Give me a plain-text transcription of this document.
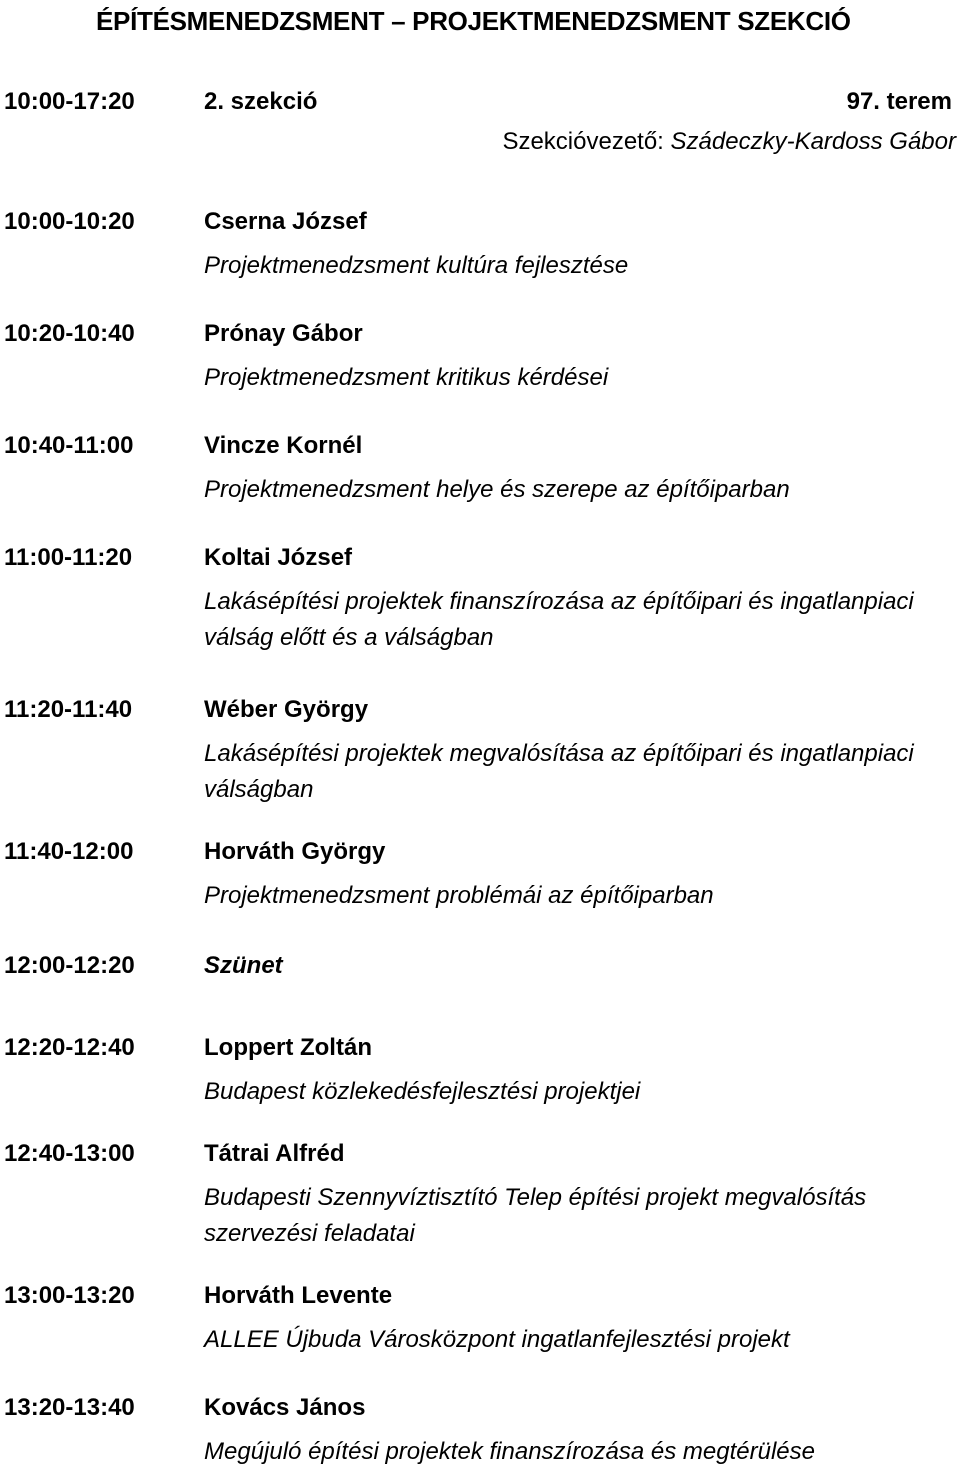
ÉPÍTÉSMENEDZSMENT – PROJEKTMENEDZSMENT SZEKCIÓ
10:00-17:20	2. szekció	97. terem
Szekcióvezető: Szádeczky-Kardoss Gábor
10:00-10:20	Cserna József
Projektmenedzsment kultúra fejlesztése
10:20-10:40	Prónay Gábor
Projektmenedzsment kritikus kérdései
10:40-11:00	Vincze Kornél
Projektmenedzsment helye és szerepe az építőiparban
11:00-11:20	Koltai József
Lakásépítési projektek finanszírozása az építőipari és ingatlanpiaci válság előtt és a válságban
11:20-11:40	Wéber György
Lakásépítési projektek megvalósítása az építőipari és ingatlanpiaci válságban
11:40-12:00	Horváth György
Projektmenedzsment problémái az építőiparban
12:00-12:20	Szünet
12:20-12:40	Loppert Zoltán
Budapest közlekedésfejlesztési projektjei
12:40-13:00	Tátrai Alfréd
Budapesti Szennyvíztisztító Telep építési projekt megvalósítás szervezési feladatai
13:00-13:20	Horváth Levente
ALLEE Újbuda Városközpont ingatlanfejlesztési projekt
13:20-13:40	Kovács János
Megújuló építési projektek finanszírozása és megtérülése
